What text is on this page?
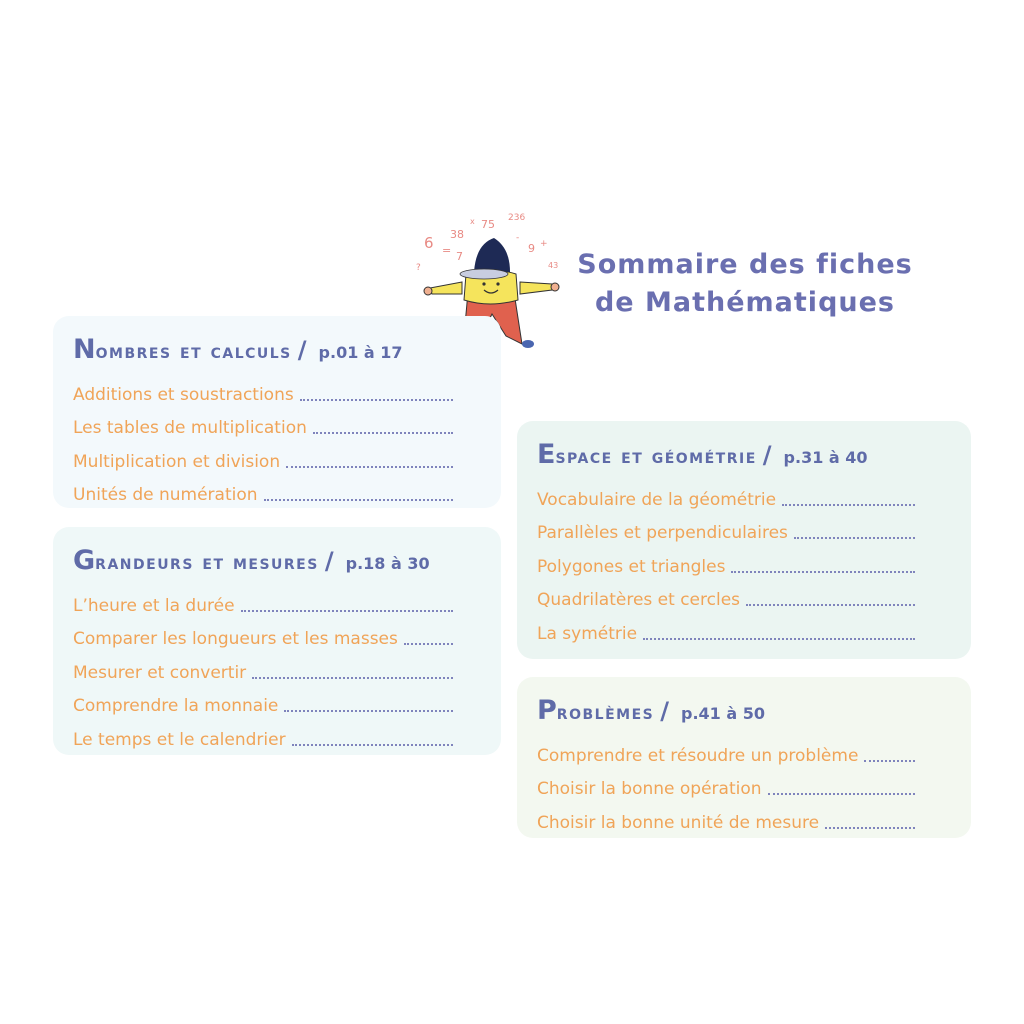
6 38
x 75 236
= 7
9 +
?	43
-
Sommaire des fiches
de Mathématiques
Nombres et calculs / p.01 à 17
Additions et soustractions
Les tables de multiplication
Multiplication et division
Unités de numération
Grandeurs et mesures / p.18 à 30
L’heure et la durée
Comparer les longueurs et les masses
Mesurer et convertir
Comprendre la monnaie
Le temps et le calendrier
Espace et géométrie / p.31 à 40
Vocabulaire de la géométrie
Parallèles et perpendiculaires
Polygones et triangles
Quadrilatères et cercles
La symétrie
Problèmes / p.41 à 50
Comprendre et résoudre un problème
Choisir la bonne opération
Choisir la bonne unité de mesure
